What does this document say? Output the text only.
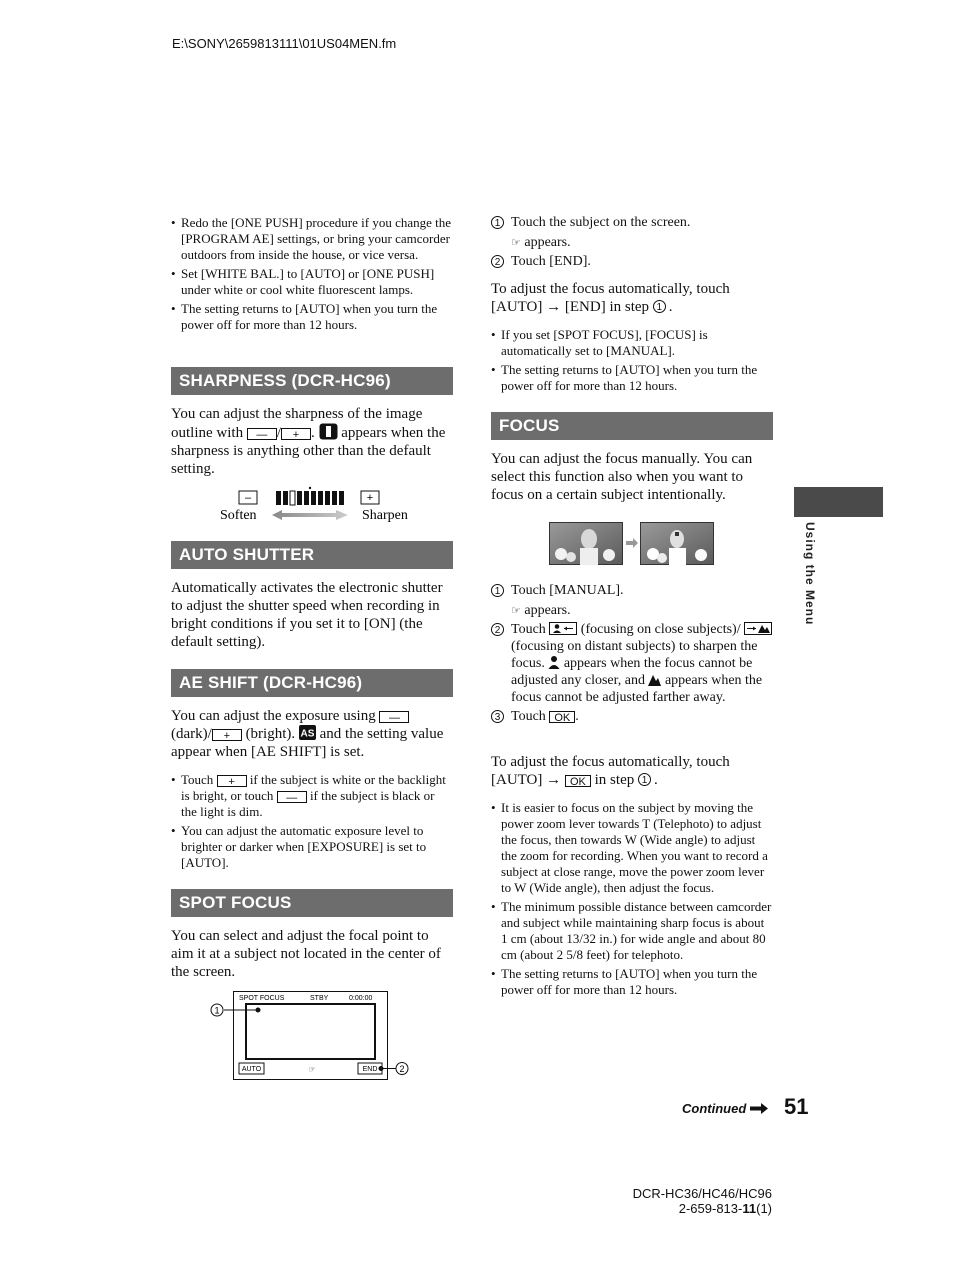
E:\SONY\2659813111\01US04MEN.fm
• Redo the [ONE PUSH] procedure if you change the [PROGRAM AE] settings, or bring your camcorder outdoors from inside the house, or vice versa.
• Set [WHITE BAL.] to [AUTO] or [ONE PUSH] under white or cool white fluorescent lamps.
• The setting returns to [AUTO] when you turn the power off for more than 12 hours.
SHARPNESS (DCR-HC96)
You can adjust the sharpness of the image outline with — / + .  appears when the sharpness is anything other than the default setting.
–	+
Soften	Sharpen
AUTO SHUTTER
Automatically activates the electronic shutter to adjust the shutter speed when recording in bright conditions if you set it to [ON] (the default setting).
AE SHIFT (DCR-HC96)
You can adjust the exposure using — (dark)/ + (bright). AS and the setting value appear when [AE SHIFT] is set.
• Touch + if the subject is white or the backlight is bright, or touch — if the subject is black or the light is dim.
• You can adjust the automatic exposure level to brighter or darker when [EXPOSURE] is set to [AUTO].
SPOT FOCUS
You can select and adjust the focal point to aim it at a subject not located in the center of the screen.
SPOT FOCUS	STBY	0:00:00
1
AUTO	☞	END 2
1 Touch the subject on the screen.
☞ appears.
2 Touch [END].
To adjust the focus automatically, touch [AUTO] → [END] in step 1 .
• If you set [SPOT FOCUS], [FOCUS] is automatically set to [MANUAL].
• The setting returns to [AUTO] when you turn the power off for more than 12 hours.
FOCUS
You can adjust the focus manually. You can select this function also when you want to focus on a certain subject intentionally.
1 Touch [MANUAL].
☞ appears.
2 Touch	(focusing on close subjects)/  (focusing on distant subjects) to sharpen the focus. appears when the focus cannot be adjusted any closer, and appears when the focus cannot be adjusted farther away.
3 Touch OK .
To adjust the focus automatically, touch [AUTO] → OK in step 1 .
• It is easier to focus on the subject by moving the power zoom lever towards T (Telephoto) to adjust the focus, then towards W (Wide angle) to adjust the zoom for recording. When you want to record a subject at close range, move the power zoom lever to W (Wide angle), then adjust the focus.
• The minimum possible distance between camcorder and subject while maintaining sharp focus is about 1 cm (about 13/32 in.) for wide angle and about 80 cm (about 2 5/8 feet) for telephoto.
• The setting returns to [AUTO] when you turn the power off for more than 12 hours.
Using the Menu
Continued	51
DCR-HC36/HC46/HC96
2-659-813-11(1)
